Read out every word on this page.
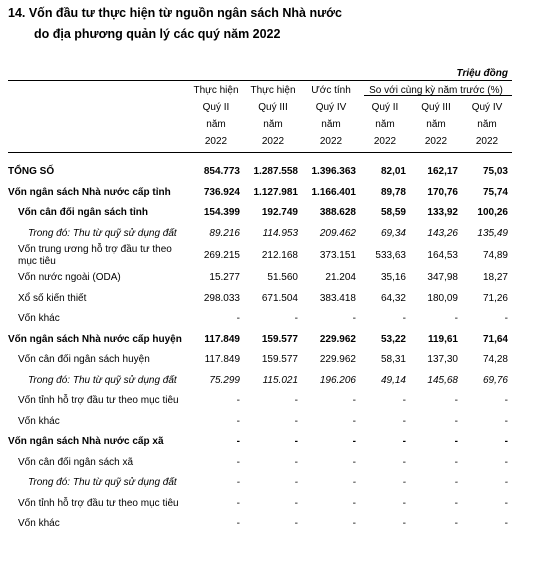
14. Vốn đầu tư thực hiện từ nguồn ngân sách Nhà nước
do địa phương quản lý các quý năm 2022
Triệu đồng
	Thực hiện	Thực hiện	Ước tính	So với cùng kỳ năm trước (%)		
	Quý II	Quý III	Quý IV	Quý II	Quý III	Quý IV
	năm	năm	năm	năm	năm	năm
	2022	2022	2022	2022	2022	2022

TỔNG SỐ	854.773	1.287.558	1.396.363	82,01	162,17	75,03
Vốn ngân sách Nhà nước cấp tỉnh	736.924	1.127.981	1.166.401	89,78	170,76	75,74
Vốn cân đối ngân sách tỉnh	154.399	192.749	388.628	58,59	133,92	100,26
Trong đó: Thu từ quỹ sử dụng đất	89.216	114.953	209.462	69,34	143,26	135,49
Vốn trung ương hỗ trợ đầu tư theo mục tiêu	269.215	212.168	373.151	533,63	164,53	74,89
Vốn nước ngoài (ODA)	15.277	51.560	21.204	35,16	347,98	18,27
Xổ số kiến thiết	298.033	671.504	383.418	64,32	180,09	71,26
Vốn khác	-	-	-	-	-	-
Vốn ngân sách Nhà nước cấp huyện	117.849	159.577	229.962	53,22	119,61	71,64
Vốn cân đối ngân sách huyện	117.849	159.577	229.962	58,31	137,30	74,28
Trong đó: Thu từ quỹ sử dụng đất	75.299	115.021	196.206	49,14	145,68	69,76
Vốn tỉnh hỗ trợ đầu tư theo mục tiêu	-	-	-	-	-	-
Vốn khác	-	-	-	-	-	-
Vốn ngân sách Nhà nước cấp xã	-	-	-	-	-	-
Vốn cân đối ngân sách xã	-	-	-	-	-	-
Trong đó: Thu từ quỹ sử dụng đất	-	-	-	-	-	-
Vốn tỉnh hỗ trợ đầu tư theo mục tiêu	-	-	-	-	-	-
Vốn khác	-	-	-	-	-	-
